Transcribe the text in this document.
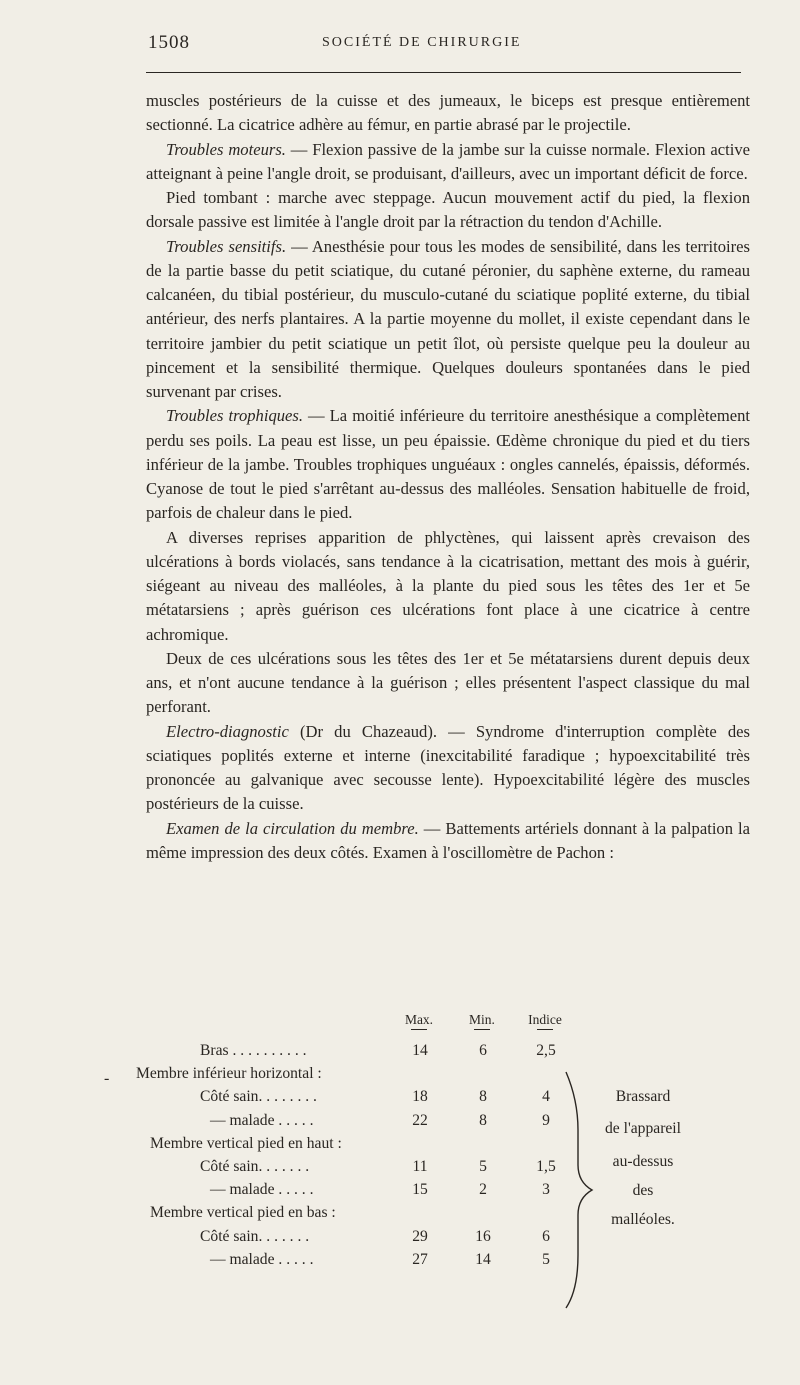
1508	SOCIÉTÉ DE CHIRURGIE

muscles postérieurs de la cuisse et des jumeaux, le biceps est presque entièrement sectionné. La cicatrice adhère au fémur, en partie abrasé par le projectile.

Troubles moteurs. — Flexion passive de la jambe sur la cuisse normale. Flexion active atteignant à peine l'angle droit, se produisant, d'ailleurs, avec un important déficit de force.

Pied tombant : marche avec steppage. Aucun mouvement actif du pied, la flexion dorsale passive est limitée à l'angle droit par la rétraction du tendon d'Achille.

Troubles sensitifs. — Anesthésie pour tous les modes de sensibilité, dans les territoires de la partie basse du petit sciatique, du cutané péronier, du saphène externe, du rameau calcanéen, du tibial postérieur, du musculo-cutané du sciatique poplité externe, du tibial antérieur, des nerfs plantaires. A la partie moyenne du mollet, il existe cependant dans le territoire jambier du petit sciatique un petit îlot, où persiste quelque peu la douleur au pincement et la sensibilité thermique. Quelques douleurs spontanées dans le pied survenant par crises.

Troubles trophiques. — La moitié inférieure du territoire anesthésique a complètement perdu ses poils. La peau est lisse, un peu épaissie. Œdème chronique du pied et du tiers inférieur de la jambe. Troubles trophiques unguéaux : ongles cannelés, épaissis, déformés. Cyanose de tout le pied s'arrêtant au-dessus des malléoles. Sensation habituelle de froid, parfois de chaleur dans le pied.

A diverses reprises apparition de phlyctènes, qui laissent après crevaison des ulcérations à bords violacés, sans tendance à la cicatrisation, mettant des mois à guérir, siégeant au niveau des malléoles, à la plante du pied sous les têtes des 1er et 5e métatarsiens ; après guérison ces ulcérations font place à une cicatrice à centre achromique.

Deux de ces ulcérations sous les têtes des 1er et 5e métatarsiens durent depuis deux ans, et n'ont aucune tendance à la guérison ; elles présentent l'aspect classique du mal perforant.

Electro-diagnostic (Dr du Chazeaud). — Syndrome d'interruption complète des sciatiques poplités externe et interne (inexcitabilité faradique ; hypoexcitabilité très prononcée au galvanique avec secousse lente). Hypoexcitabilité légère des muscles postérieurs de la cuisse.

Examen de la circulation du membre. — Battements artériels donnant à la palpation la même impression des deux côtés. Examen à l'oscillomètre de Pachon :

-
Max.	Min.	Indice
Bras . . . . . . . . . .	14	6	2,5
Membre inférieur horizontal :
Côté sain. . . . . . . .	18	8	4
— malade . . . . .	22	8	9
Membre vertical pied en haut :
Côté sain. . . . . . .	11	5	1,5
— malade . . . . .	15	2	3
Membre vertical pied en bas :
Côté sain. . . . . . .	29	16	6
— malade . . . . .	27	14	5
Brassard
de l'appareil
au-dessus
des
malléoles.
